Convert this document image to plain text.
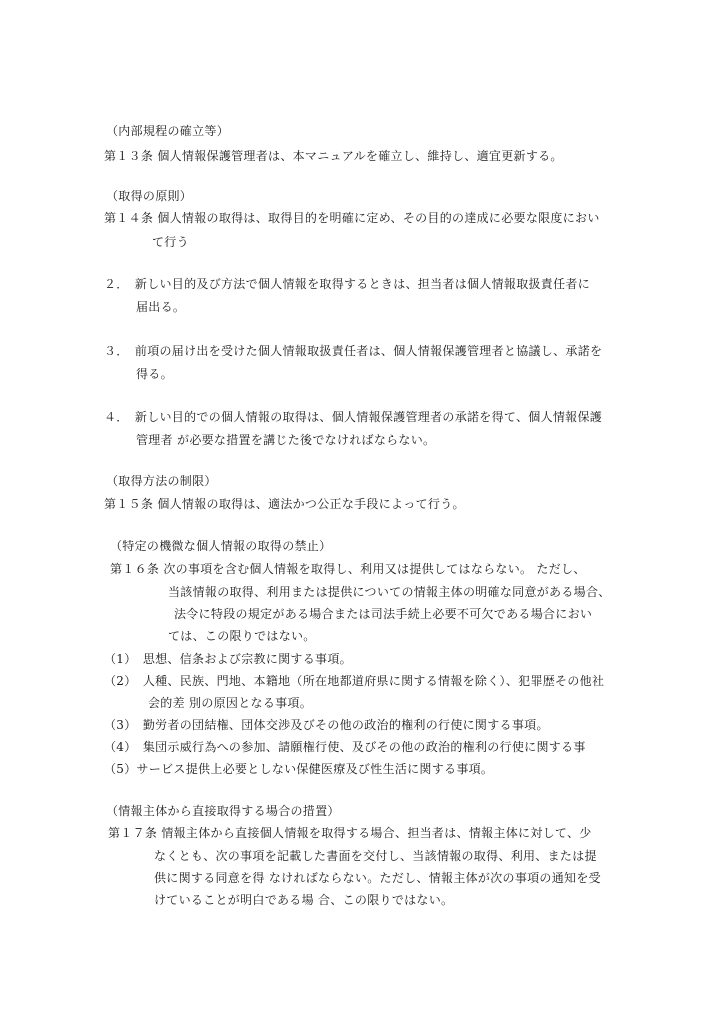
（内部規程の確立等）
第１３条 個人情報保護管理者は、本マニュアルを確立し、維持し、適宜更新する。
（取得の原則）
第１４条 個人情報の取得は、取得目的を明確に定め、その目的の達成に必要な限度におい
て行う
２．　新しい目的及び方法で個人情報を取得するときは、担当者は個人情報取扱責任者に
届出る。
３．　前項の届け出を受けた個人情報取扱責任者は、個人情報保護管理者と協議し、承諾を
得る。
４．　新しい目的での個人情報の取得は、個人情報保護管理者の承諾を得て、個人情報保護
管理者 が必要な措置を講じた後でなければならない。
（取得方法の制限）
第１５条 個人情報の取得は、適法かつ公正な手段によって行う。
（特定の機微な個人情報の取得の禁止）
第１６条 次の事項を含む個人情報を取得し、利用又は提供してはならない。 ただし、
当該情報の取得、利用または提供についての情報主体の明確な同意がある場合、
法令に特段の規定がある場合または司法手続上必要不可欠である場合におい
ては、この限りではない。
（1）　思想、信条および宗教に関する事項。
（2）　人種、民族、門地、本籍地（所在地都道府県に関する情報を除く）、犯罪歴その他社
会的差 別の原因となる事項。
（3）　勤労者の団結権、団体交渉及びその他の政治的権利の行使に関する事項。
（4）　集団示威行為への参加、請願権行使、及びその他の政治的権利の行使に関する事
（5）サービス提供上必要としない保健医療及び性生活に関する事項。
（情報主体から直接取得する場合の措置）
第１７条 情報主体から直接個人情報を取得する場合、担当者は、情報主体に対して、少
なくとも、次の事項を記載した書面を交付し、当該情報の取得、利用、または提
供に関する同意を得 なければならない。ただし、情報主体が次の事項の通知を受
けていることが明白である場 合、この限りではない。
